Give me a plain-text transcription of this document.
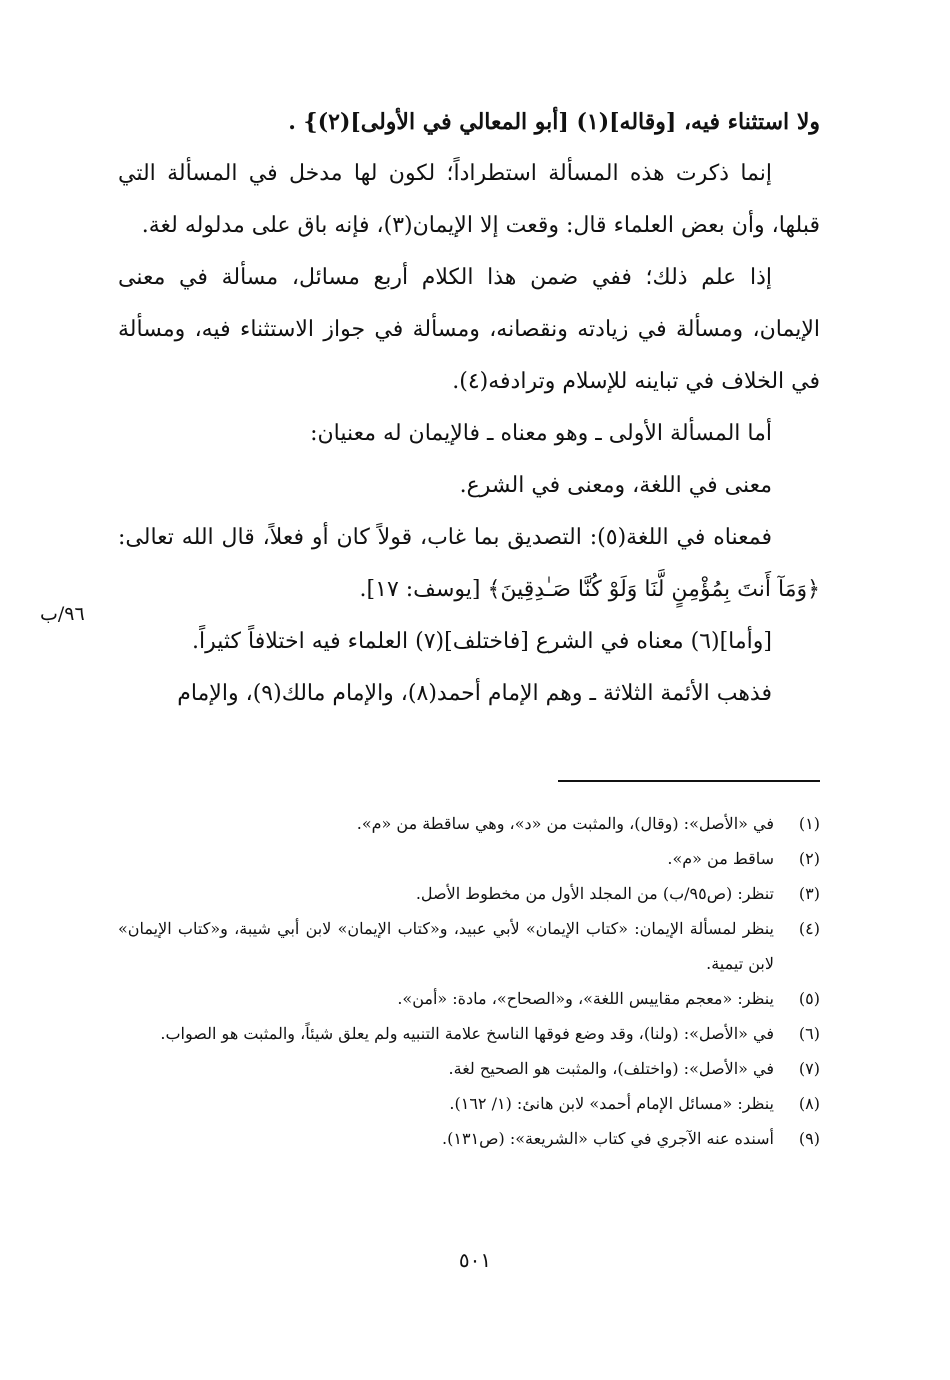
ولا استثناء فيه، [وقاله](١) [أبو المعالي في الأولى](٢)} .

إنما ذكرت هذه المسألة استطراداً؛ لكون لها مدخل في المسألة التي قبلها، وأن بعض العلماء قال: وقعت إلا الإيمان(٣)، فإنه باق على مدلوله لغة.

إذا علم ذلك؛ ففي ضمن هذا الكلام أربع مسائل، مسألة في معنى الإيمان، ومسألة في زيادته ونقصانه، ومسألة في جواز الاستثناء فيه، ومسألة في الخلاف في تباينه للإسلام وترادفه(٤).

أما المسألة الأولى ـ وهو معناه ـ فالإيمان له معنيان:

معنى في اللغة، ومعنى في الشرع.

فمعناه في اللغة(٥): التصديق بما غاب، قولاً كان أو فعلاً، قال الله تعالى: ﴿وَمَآ أَنتَ بِمُؤْمِنٍ لَّنَا وَلَوْ كُنَّا صَـٰدِقِينَ﴾ [يوسف: ١٧].

[وأما](٦) معناه في الشرع [فاختلف](٧) العلماء فيه اختلافاً كثيراً.

فذهب الأئمة الثلاثة ـ وهم الإمام أحمد(٨)، والإمام مالك(٩)، والإمام

٩٦/ب
(١)
في «الأصل»: (وقال)، والمثبت من «د»، وهي ساقطة من «م».
(٢)
ساقط من «م».
(٣)
تنظر: (ص٩٥/ب) من المجلد الأول من مخطوط الأصل.
(٤)
ينظر لمسألة الإيمان: «كتاب الإيمان» لأبي عبيد، و«كتاب الإيمان» لابن أبي شيبة، و«كتاب الإيمان» لابن تيمية.
(٥)
ينظر: «معجم مقاييس اللغة»، و«الصحاح»، مادة: «أمن».
(٦)
في «الأصل»: (ولنا)، وقد وضع فوقها الناسخ علامة التنبيه ولم يعلق شيئاً، والمثبت هو الصواب.
(٧)
في «الأصل»: (واختلف)، والمثبت هو الصحيح لغة.
(٨)
ينظر: «مسائل الإمام أحمد» لابن هانئ: (١/ ١٦٢).
(٩)
أسنده عنه الآجري في كتاب «الشريعة»: (ص١٣١).
٥٠١
